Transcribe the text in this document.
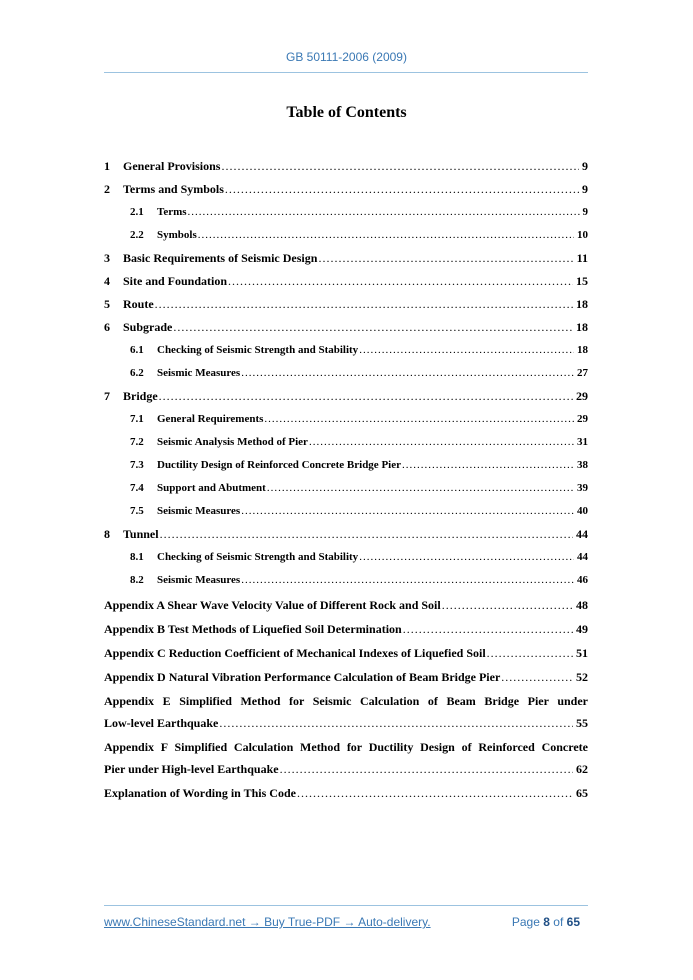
GB 50111-2006 (2009)
Table of Contents
1	General Provisions .....	9
2	Terms and Symbols .....	9
2.1	Terms .....	9
2.2	Symbols .....	10
3	Basic Requirements of Seismic Design .....	11
4	Site and Foundation .....	15
5	Route .....	18
6	Subgrade .....	18
6.1	Checking of Seismic Strength and Stability .....	18
6.2	Seismic Measures .....	27
7	Bridge .....	29
7.1	General Requirements .....	29
7.2	Seismic Analysis Method of Pier .....	31
7.3	Ductility Design of Reinforced Concrete Bridge Pier .....	38
7.4	Support and Abutment .....	39
7.5	Seismic Measures .....	40
8	Tunnel .....	44
8.1	Checking of Seismic Strength and Stability .....	44
8.2	Seismic Measures .....	46
Appendix A Shear Wave Velocity Value of Different Rock and Soil .....	48
Appendix B Test Methods of Liquefied Soil Determination .....	49
Appendix C Reduction Coefficient of Mechanical Indexes of Liquefied Soil .....	51
Appendix D Natural Vibration Performance Calculation of Beam Bridge Pier .....	52
Appendix E Simplified Method for Seismic Calculation of Beam Bridge Pier under
Low-level Earthquake .....	55
Appendix F Simplified Calculation Method for Ductility Design of Reinforced Concrete
Pier under High-level Earthquake .....	62
Explanation of Wording in This Code .....	65
www.ChineseStandard.net → Buy True-PDF → Auto-delivery.	Page 8 of 65
